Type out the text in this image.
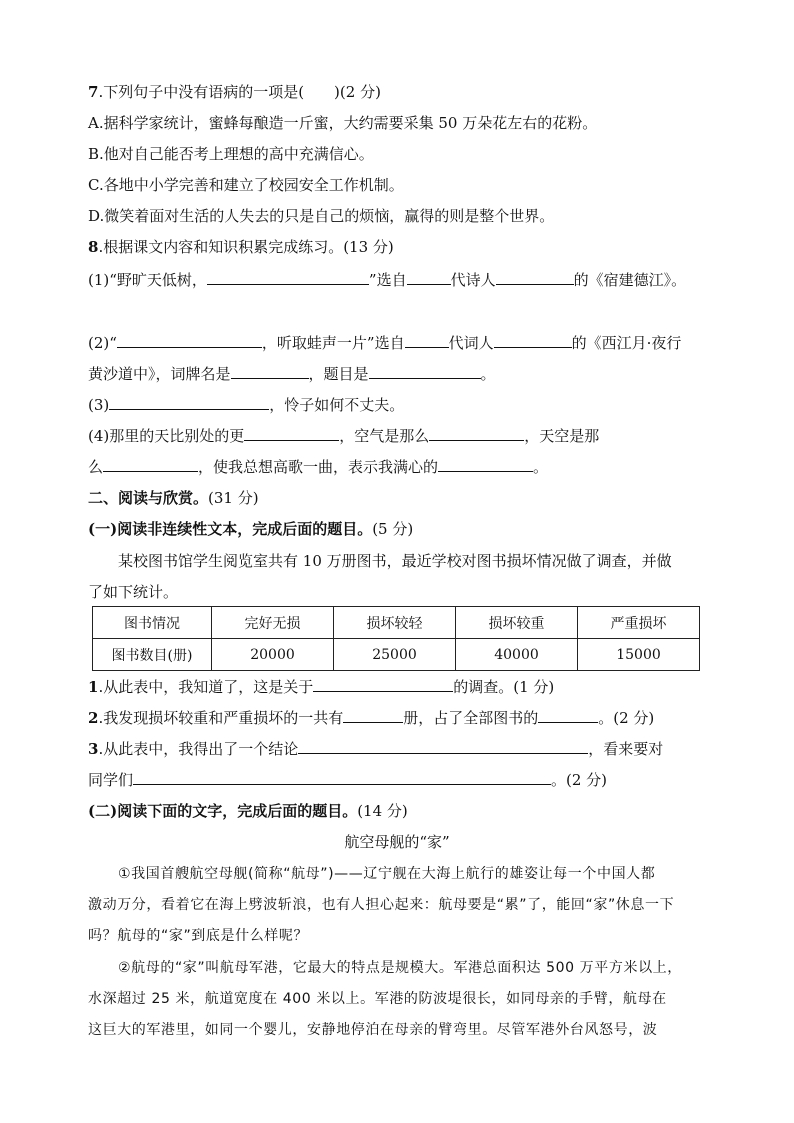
7.下列句子中没有语病的一项是(　　)(2 分)
A.据科学家统计，蜜蜂每酿造一斤蜜，大约需要采集 50 万朵花左右的花粉。
B.他对自己能否考上理想的高中充满信心。
C.各地中小学完善和建立了校园安全工作机制。
D.微笑着面对生活的人失去的只是自己的烦恼，赢得的则是整个世界。
8.根据课文内容和知识积累完成练习。(13 分)
(1)“野旷天低树，	”选自	代诗人	的《宿建德江》。
(2)“	，听取蛙声一片”选自	代词人	的《西江月·夜行
黄沙道中》，词牌名是	，题目是	。
(3)	，怜子如何不丈夫。
(4)那里的天比别处的更	，空气是那么	，天空是那
么	，使我总想高歌一曲，表示我满心的	。
二、阅读与欣赏。(31 分)
(一)阅读非连续性文本，完成后面的题目。(5 分)
某校图书馆学生阅览室共有 10 万册图书，最近学校对图书损坏情况做了调查，并做
了如下统计。
图书情况	完好无损	损坏较轻	损坏较重	严重损坏
图书数目(册)	20000	25000	40000	15000
1.从此表中，我知道了，这是关于	的调查。(1 分)
2.我发现损坏较重和严重损坏的一共有	册，占了全部图书的	。(2 分)
3.从此表中，我得出了一个结论	，看来要对
同学们	。(2 分)
(二)阅读下面的文字，完成后面的题目。(14 分)
航空母舰的“家”
①我国首艘航空母舰(简称“航母”)——辽宁舰在大海上航行的雄姿让每一个中国人都
激动万分，看着它在海上劈波斩浪，也有人担心起来：航母要是“累”了，能回“家”休息一下
吗？航母的“家”到底是什么样呢？
②航母的“家”叫航母军港，它最大的特点是规模大。军港总面积达 500 万平方米以上，
水深超过 25 米，航道宽度在 400 米以上。军港的防波堤很长，如同母亲的手臂，航母在
这巨大的军港里，如同一个婴儿，安静地停泊在母亲的臂弯里。尽管军港外台风怒号，波
